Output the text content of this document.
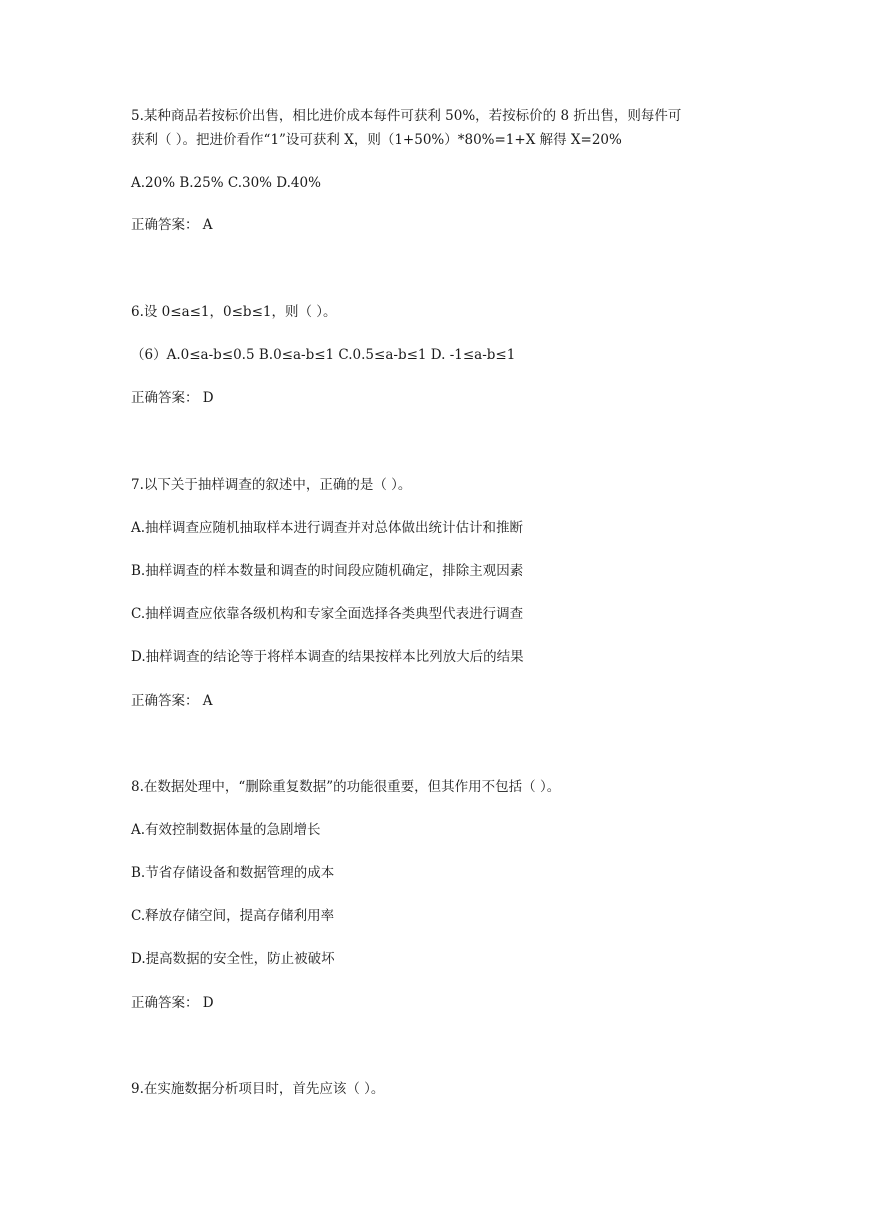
5.某种商品若按标价出售，相比进价成本每件可获利 50%，若按标价的 8 折出售，则每件可
获利（ ）。把进价看作“1”设可获利 X，则（1+50%）*80%=1+X 解得 X=20%
A.20% B.25% C.30% D.40%
正确答案： A
6.设 0≤a≤1，0≤b≤1，则（ ）。
（6）A.0≤a-b≤0.5 B.0≤a-b≤1 C.0.5≤a-b≤1 D. -1≤a-b≤1
正确答案： D
7.以下关于抽样调查的叙述中，正确的是（ ）。
A.抽样调查应随机抽取样本进行调查并对总体做出统计估计和推断
B.抽样调查的样本数量和调查的时间段应随机确定，排除主观因素
C.抽样调查应依靠各级机构和专家全面选择各类典型代表进行调查
D.抽样调查的结论等于将样本调查的结果按样本比列放大后的结果
正确答案： A
8.在数据处理中，“删除重复数据”的功能很重要，但其作用不包括（ ）。
A.有效控制数据体量的急剧增长
B.节省存储设备和数据管理的成本
C.释放存储空间，提高存储利用率
D.提高数据的安全性，防止被破坏
正确答案： D
9.在实施数据分析项目时，首先应该（ ）。
